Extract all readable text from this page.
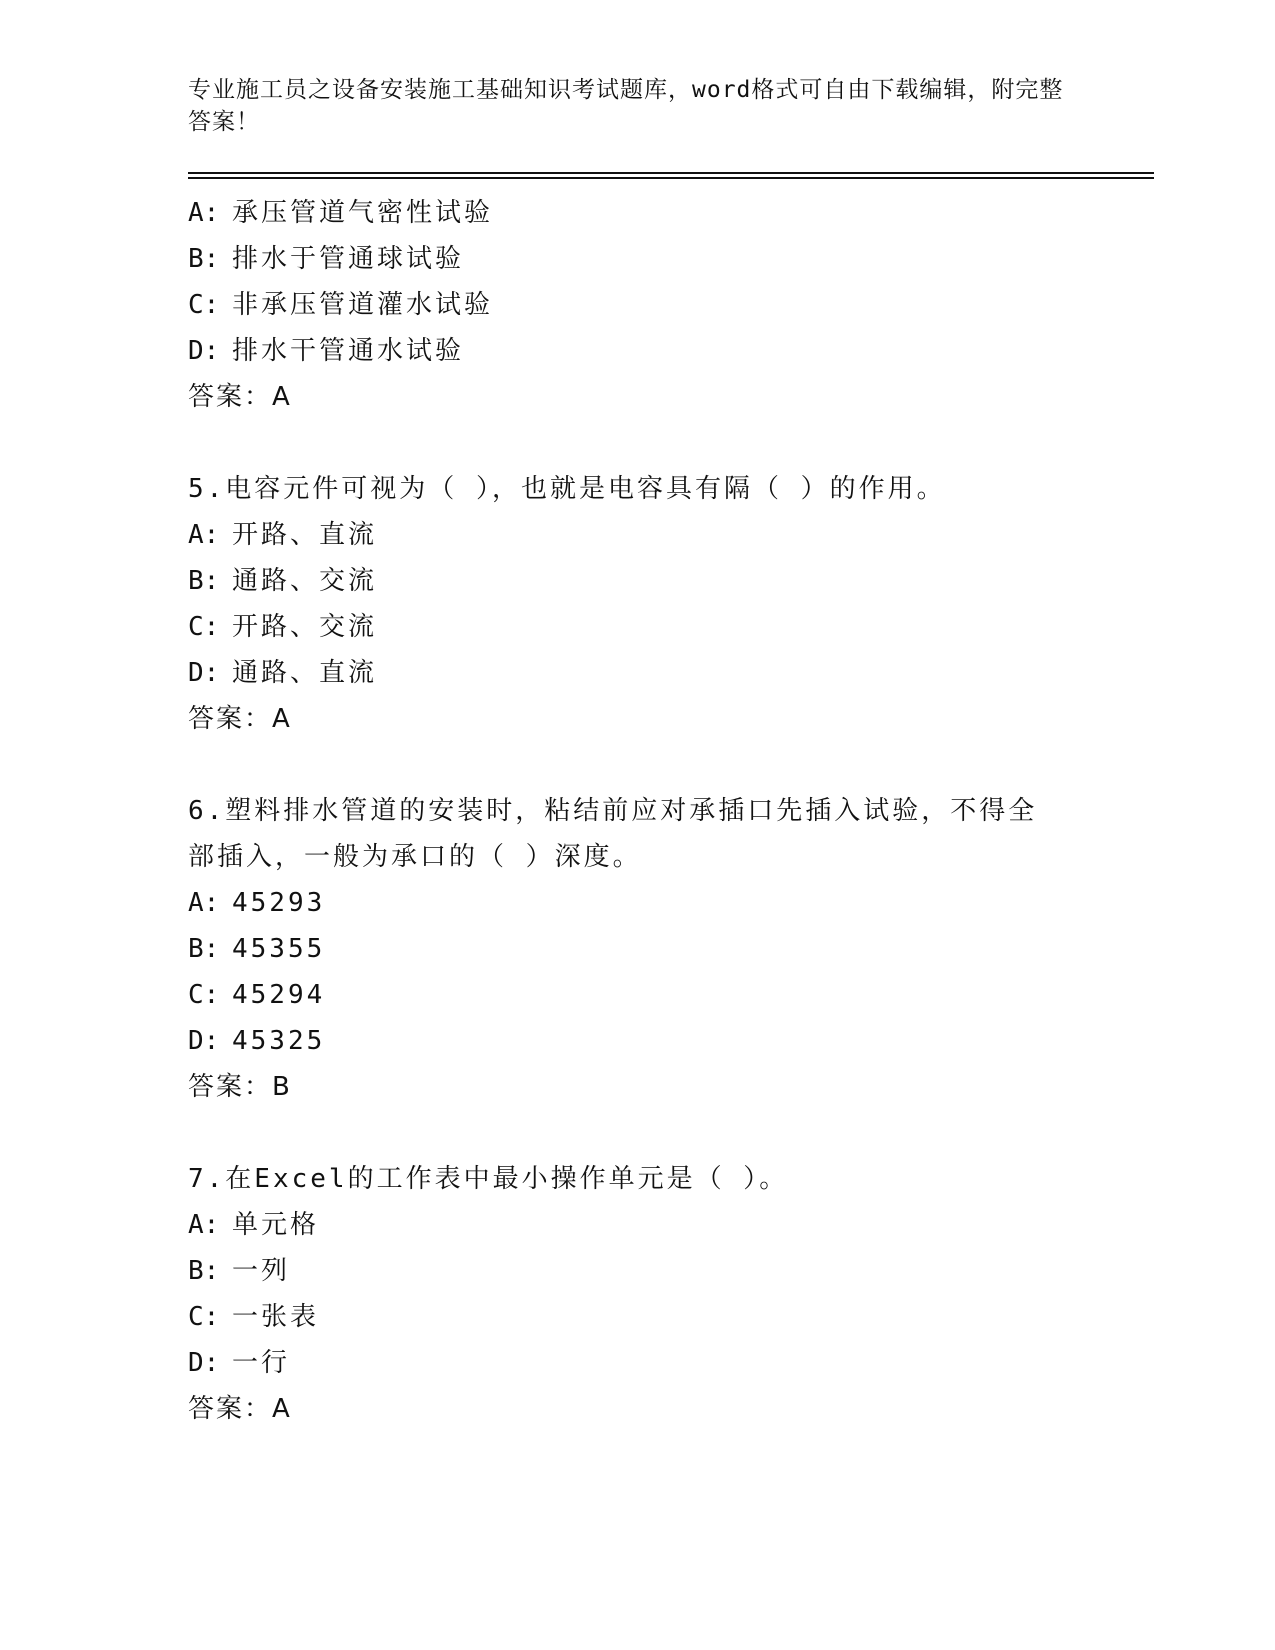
专业施工员之设备安装施工基础知识考试题库，word格式可自由下载编辑，附完整答案！
A: 承压管道气密性试验
B: 排水于管通球试验
C: 非承压管道灌水试验
D: 排水干管通水试验
答案：A
5.电容元件可视为（ ），也就是电容具有隔（ ）的作用。
A: 开路、直流
B: 通路、交流
C: 开路、交流
D: 通路、直流
答案：A
6.塑料排水管道的安装时，粘结前应对承插口先插入试验，不得全部插入，一般为承口的（ ）深度。
A: 45293
B: 45355
C: 45294
D: 45325
答案：B
7.在Excel的工作表中最小操作单元是（ ）。
A: 单元格
B: 一列
C: 一张表
D: 一行
答案：A
